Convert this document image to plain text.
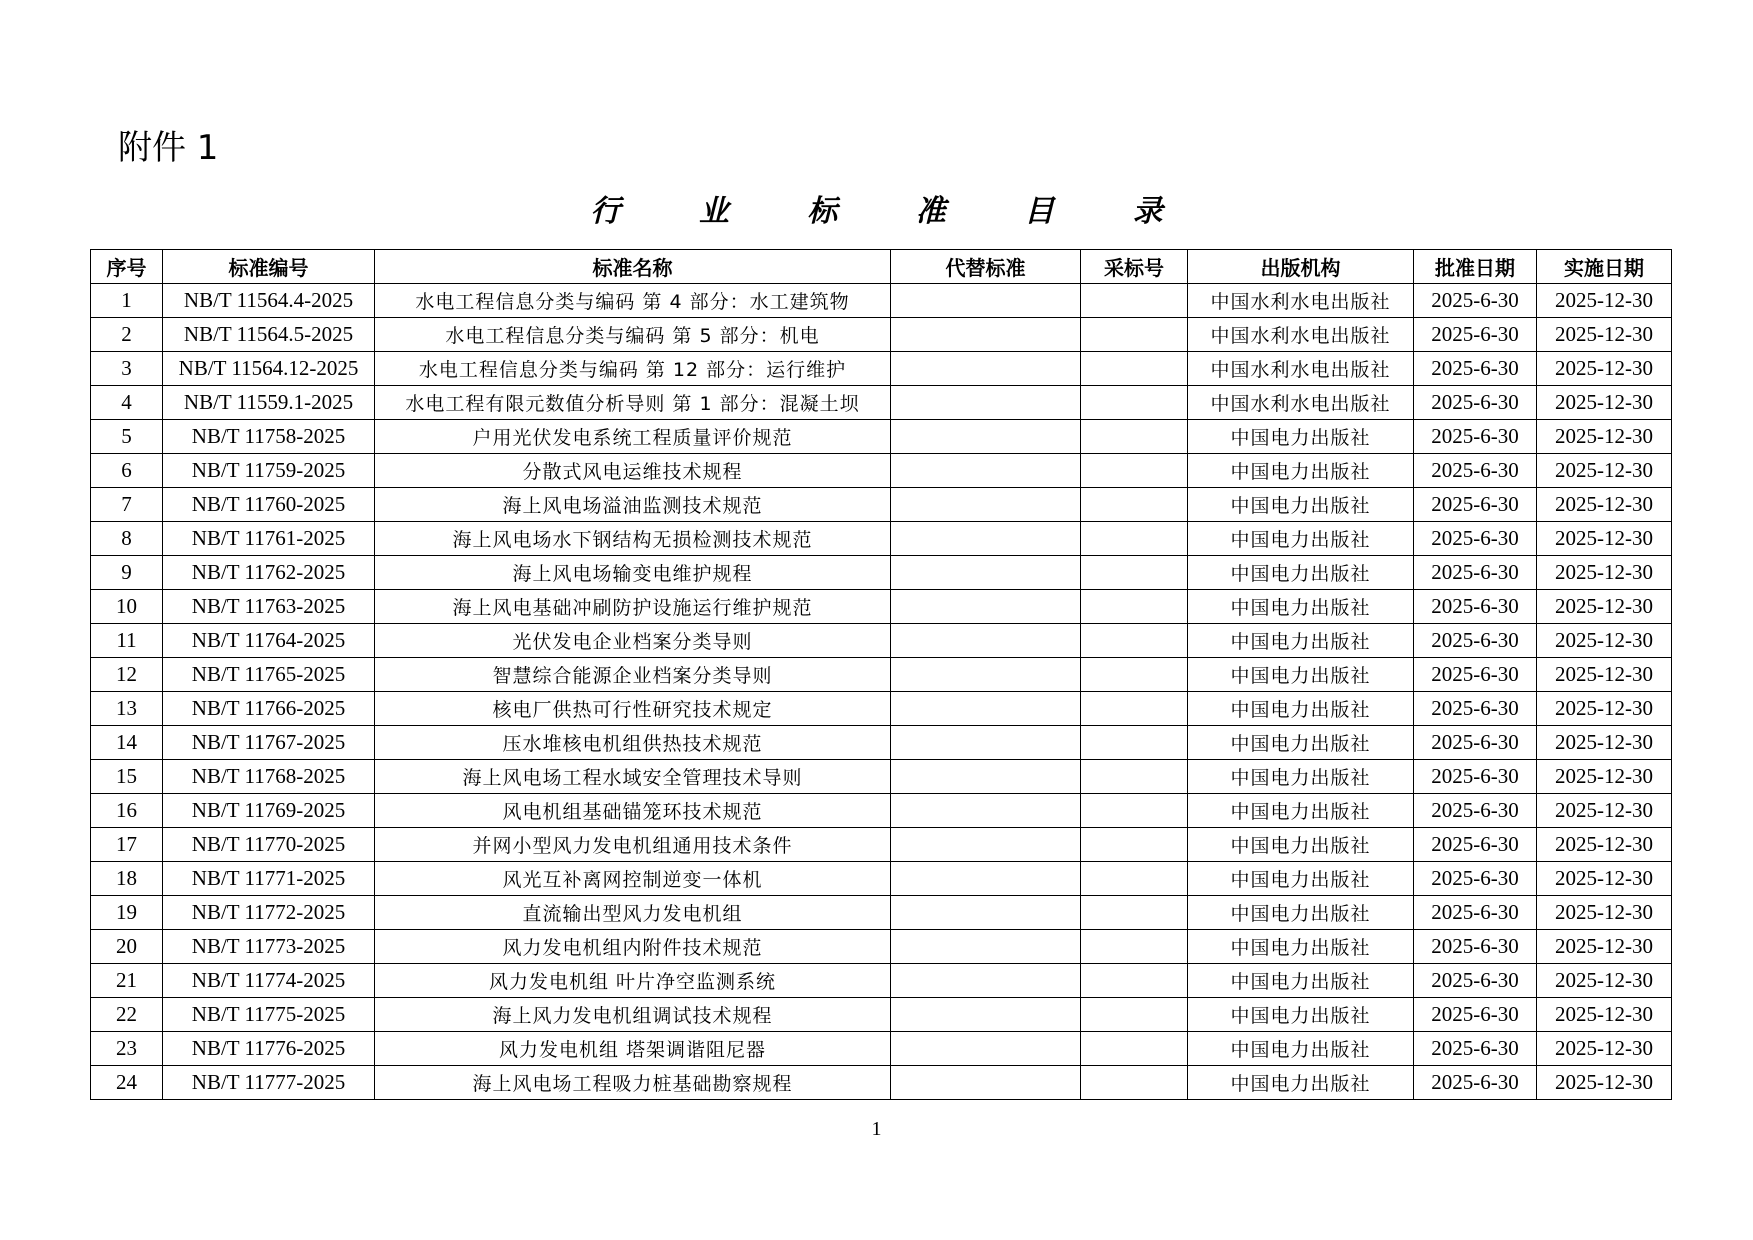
附件 1
行 业 标 准 目 录
序号	标准编号	标准名称	代替标准	采标号	出版机构	批准日期	实施日期
1	NB/T 11564.4-2025	水电工程信息分类与编码 第 4 部分：水工建筑物			中国水利水电出版社	2025-6-30	2025-12-30
2	NB/T 11564.5-2025	水电工程信息分类与编码 第 5 部分：机电			中国水利水电出版社	2025-6-30	2025-12-30
3	NB/T 11564.12-2025	水电工程信息分类与编码 第 12 部分：运行维护			中国水利水电出版社	2025-6-30	2025-12-30
4	NB/T 11559.1-2025	水电工程有限元数值分析导则 第 1 部分：混凝土坝			中国水利水电出版社	2025-6-30	2025-12-30
5	NB/T 11758-2025	户用光伏发电系统工程质量评价规范			中国电力出版社	2025-6-30	2025-12-30
6	NB/T 11759-2025	分散式风电运维技术规程			中国电力出版社	2025-6-30	2025-12-30
7	NB/T 11760-2025	海上风电场溢油监测技术规范			中国电力出版社	2025-6-30	2025-12-30
8	NB/T 11761-2025	海上风电场水下钢结构无损检测技术规范			中国电力出版社	2025-6-30	2025-12-30
9	NB/T 11762-2025	海上风电场输变电维护规程			中国电力出版社	2025-6-30	2025-12-30
10	NB/T 11763-2025	海上风电基础冲刷防护设施运行维护规范			中国电力出版社	2025-6-30	2025-12-30
11	NB/T 11764-2025	光伏发电企业档案分类导则			中国电力出版社	2025-6-30	2025-12-30
12	NB/T 11765-2025	智慧综合能源企业档案分类导则			中国电力出版社	2025-6-30	2025-12-30
13	NB/T 11766-2025	核电厂供热可行性研究技术规定			中国电力出版社	2025-6-30	2025-12-30
14	NB/T 11767-2025	压水堆核电机组供热技术规范			中国电力出版社	2025-6-30	2025-12-30
15	NB/T 11768-2025	海上风电场工程水域安全管理技术导则			中国电力出版社	2025-6-30	2025-12-30
16	NB/T 11769-2025	风电机组基础锚笼环技术规范			中国电力出版社	2025-6-30	2025-12-30
17	NB/T 11770-2025	并网小型风力发电机组通用技术条件			中国电力出版社	2025-6-30	2025-12-30
18	NB/T 11771-2025	风光互补离网控制逆变一体机			中国电力出版社	2025-6-30	2025-12-30
19	NB/T 11772-2025	直流输出型风力发电机组			中国电力出版社	2025-6-30	2025-12-30
20	NB/T 11773-2025	风力发电机组内附件技术规范			中国电力出版社	2025-6-30	2025-12-30
21	NB/T 11774-2025	风力发电机组 叶片净空监测系统			中国电力出版社	2025-6-30	2025-12-30
22	NB/T 11775-2025	海上风力发电机组调试技术规程			中国电力出版社	2025-6-30	2025-12-30
23	NB/T 11776-2025	风力发电机组 塔架调谐阻尼器			中国电力出版社	2025-6-30	2025-12-30
24	NB/T 11777-2025	海上风电场工程吸力桩基础勘察规程			中国电力出版社	2025-6-30	2025-12-30
1
